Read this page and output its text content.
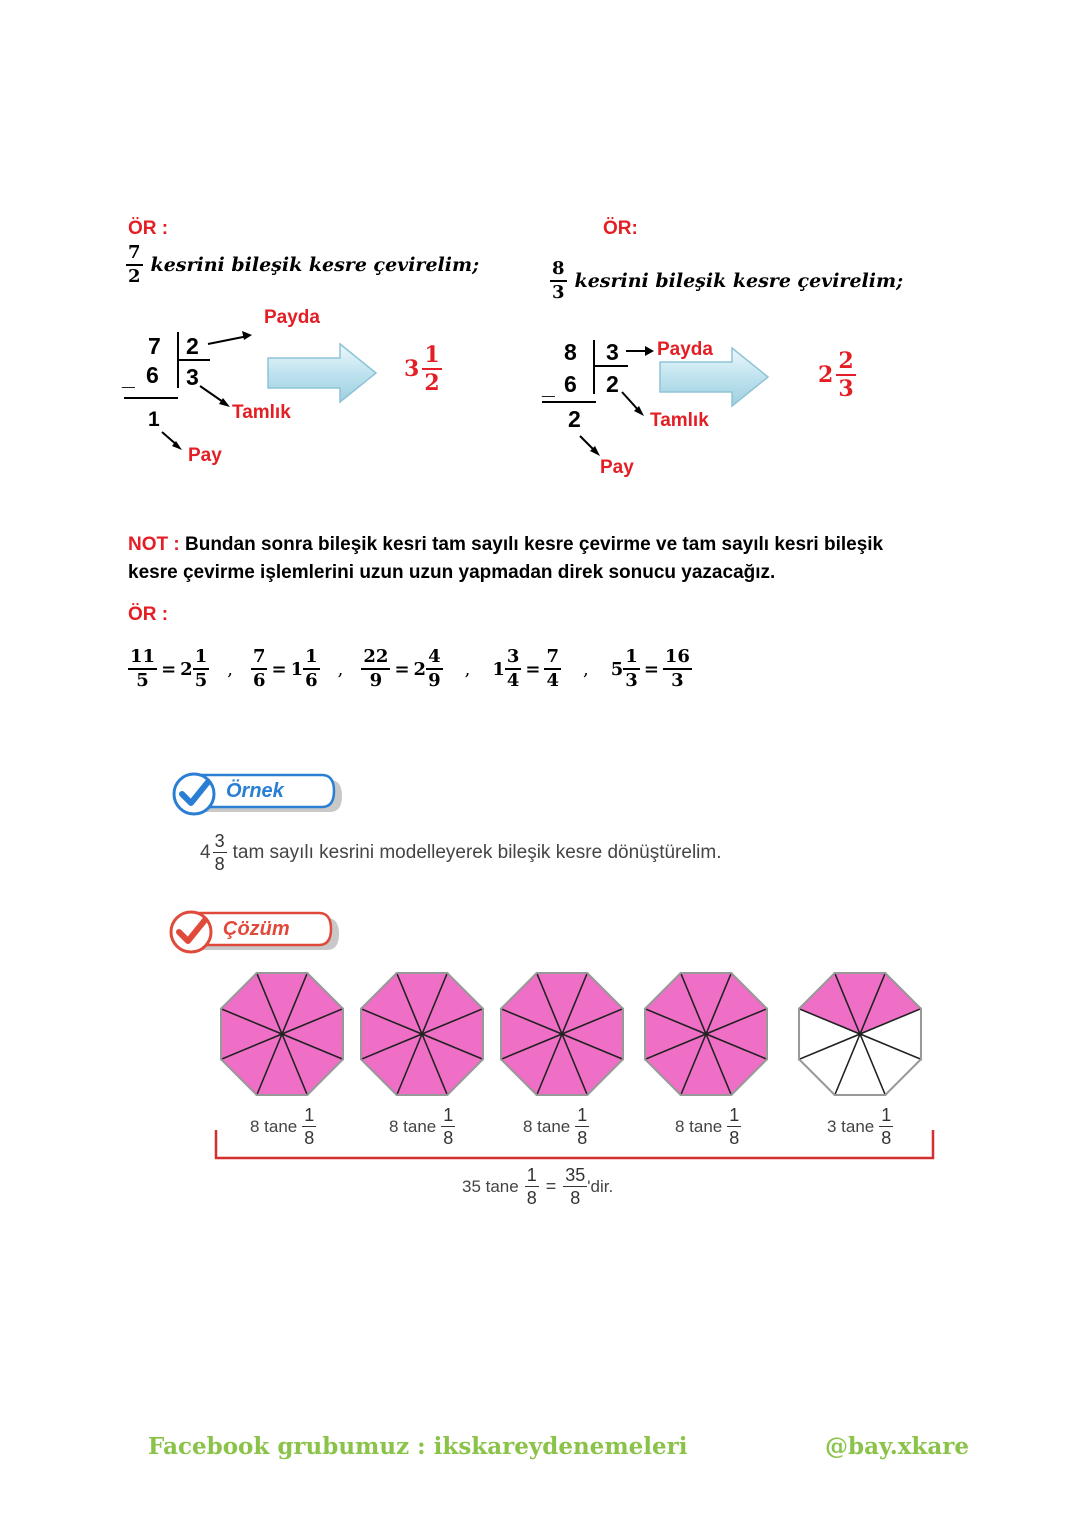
ÖR :
$\frac{7}{2}$ kesrini bileşik kesre çevirelim;
7 2
6
_ 3
1
Payda
Tamlık
Pay
$3 \frac{1}{2}$
ÖR:
$\frac{8}{3}$ kesrini bileşik kesre çevirelim;
8 3
6
_ 2
2
Payda
Tamlık
Pay
$2 \frac{2}{3}$
NOT : Bundan sonra bileşik kesri tam sayılı kesre çevirme ve tam sayılı kesri bileşik
kesre çevirme işlemlerini uzun uzun yapmadan direk sonucu yazacağız.
ÖR :
$\frac{11}{5} = 2 \frac{1}{5}$ , $\frac{7}{6} = 1 \frac{1}{6}$ , $\frac{22}{9} = 2 \frac{4}{9}$ , $1 \frac{3}{4} = \frac{7}{4}$ , $5 \frac{1}{3} = \frac{16}{3}$
Örnek
$4 \frac{3}{8}$ tam sayılı kesrini modelleyerek bileşik kesre dönüştürelim.
Çözüm
8 tane $\frac{1}{8}$	8 tane $\frac{1}{8}$	8 tane $\frac{1}{8}$	8 tane $\frac{1}{8}$	3 tane $\frac{1}{8}$
35 tane $\frac{1}{8} = \frac{35}{8}$ 'dir.
Facebook grubumuz : ikskareydenemeleri	@bay.xkare
